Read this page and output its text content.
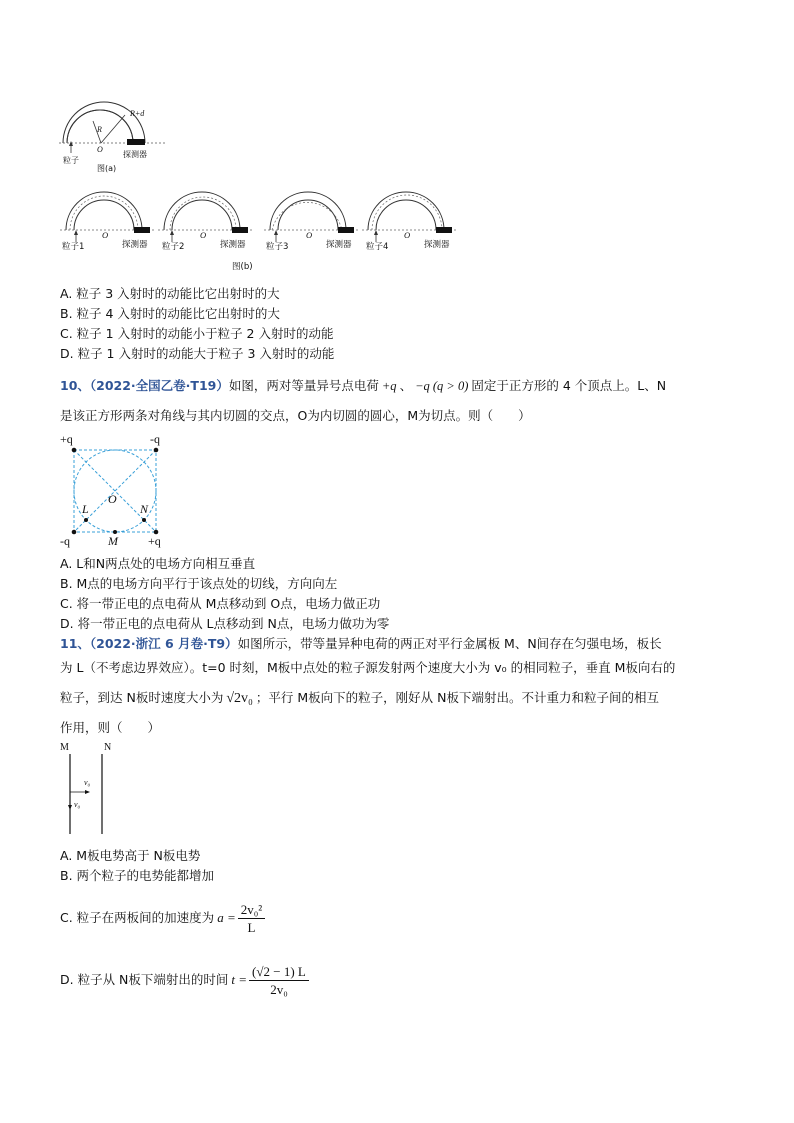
R+d
R
O
粒子
探测器
图(a)
粒子1
O
探测器 粒子2
O
探测器 粒子3
O
探测器 粒子4
O
探测器
图(b)
A. 粒子 3 入射时的动能比它出射时的大
B. 粒子 4 入射时的动能比它出射时的大
C. 粒子 1 入射时的动能小于粒子 2 入射时的动能
D. 粒子 1 入射时的动能大于粒子 3 入射时的动能
10、（2022·全国乙卷·T19）如图，两对等量异号点电荷 +q 、 −q (q > 0) 固定于正方形的 4 个顶点上。L、N
是该正方形两条对角线与其内切圆的交点，O为内切圆的圆心，M为切点。则（　　）
+q	-q
-q	+q
L	N
O
M
A. L和N两点处的电场方向相互垂直
B. M点的电场方向平行于该点处的切线，方向向左
C. 将一带正电的点电荷从 M点移动到 O点，电场力做正功
D. 将一带正电的点电荷从 L点移动到 N点，电场力做功为零
11、（2022·浙江 6 月卷·T9）如图所示，带等量异种电荷的两正对平行金属板 M、N间存在匀强电场，板长
为 L（不考虑边界效应）。t=0 时刻，M板中点处的粒子源发射两个速度大小为 v₀ 的相同粒子，垂直 M板向右的
粒子，到达 N板时速度大小为 √2v₀ ；平行 M板向下的粒子，刚好从 N板下端射出。不计重力和粒子间的相互
作用，则（　　）
M	N
v₀
v₀
A. M板电势高于 N板电势
B. 两个粒子的电势能都增加
C. 粒子在两板间的加速度为 $a = \frac{\text{2v₀²}}{L}$
D. 粒子从 N板下端射出的时间 $t = \frac{(√2 - 1) L}{\text{2v₀}}$
